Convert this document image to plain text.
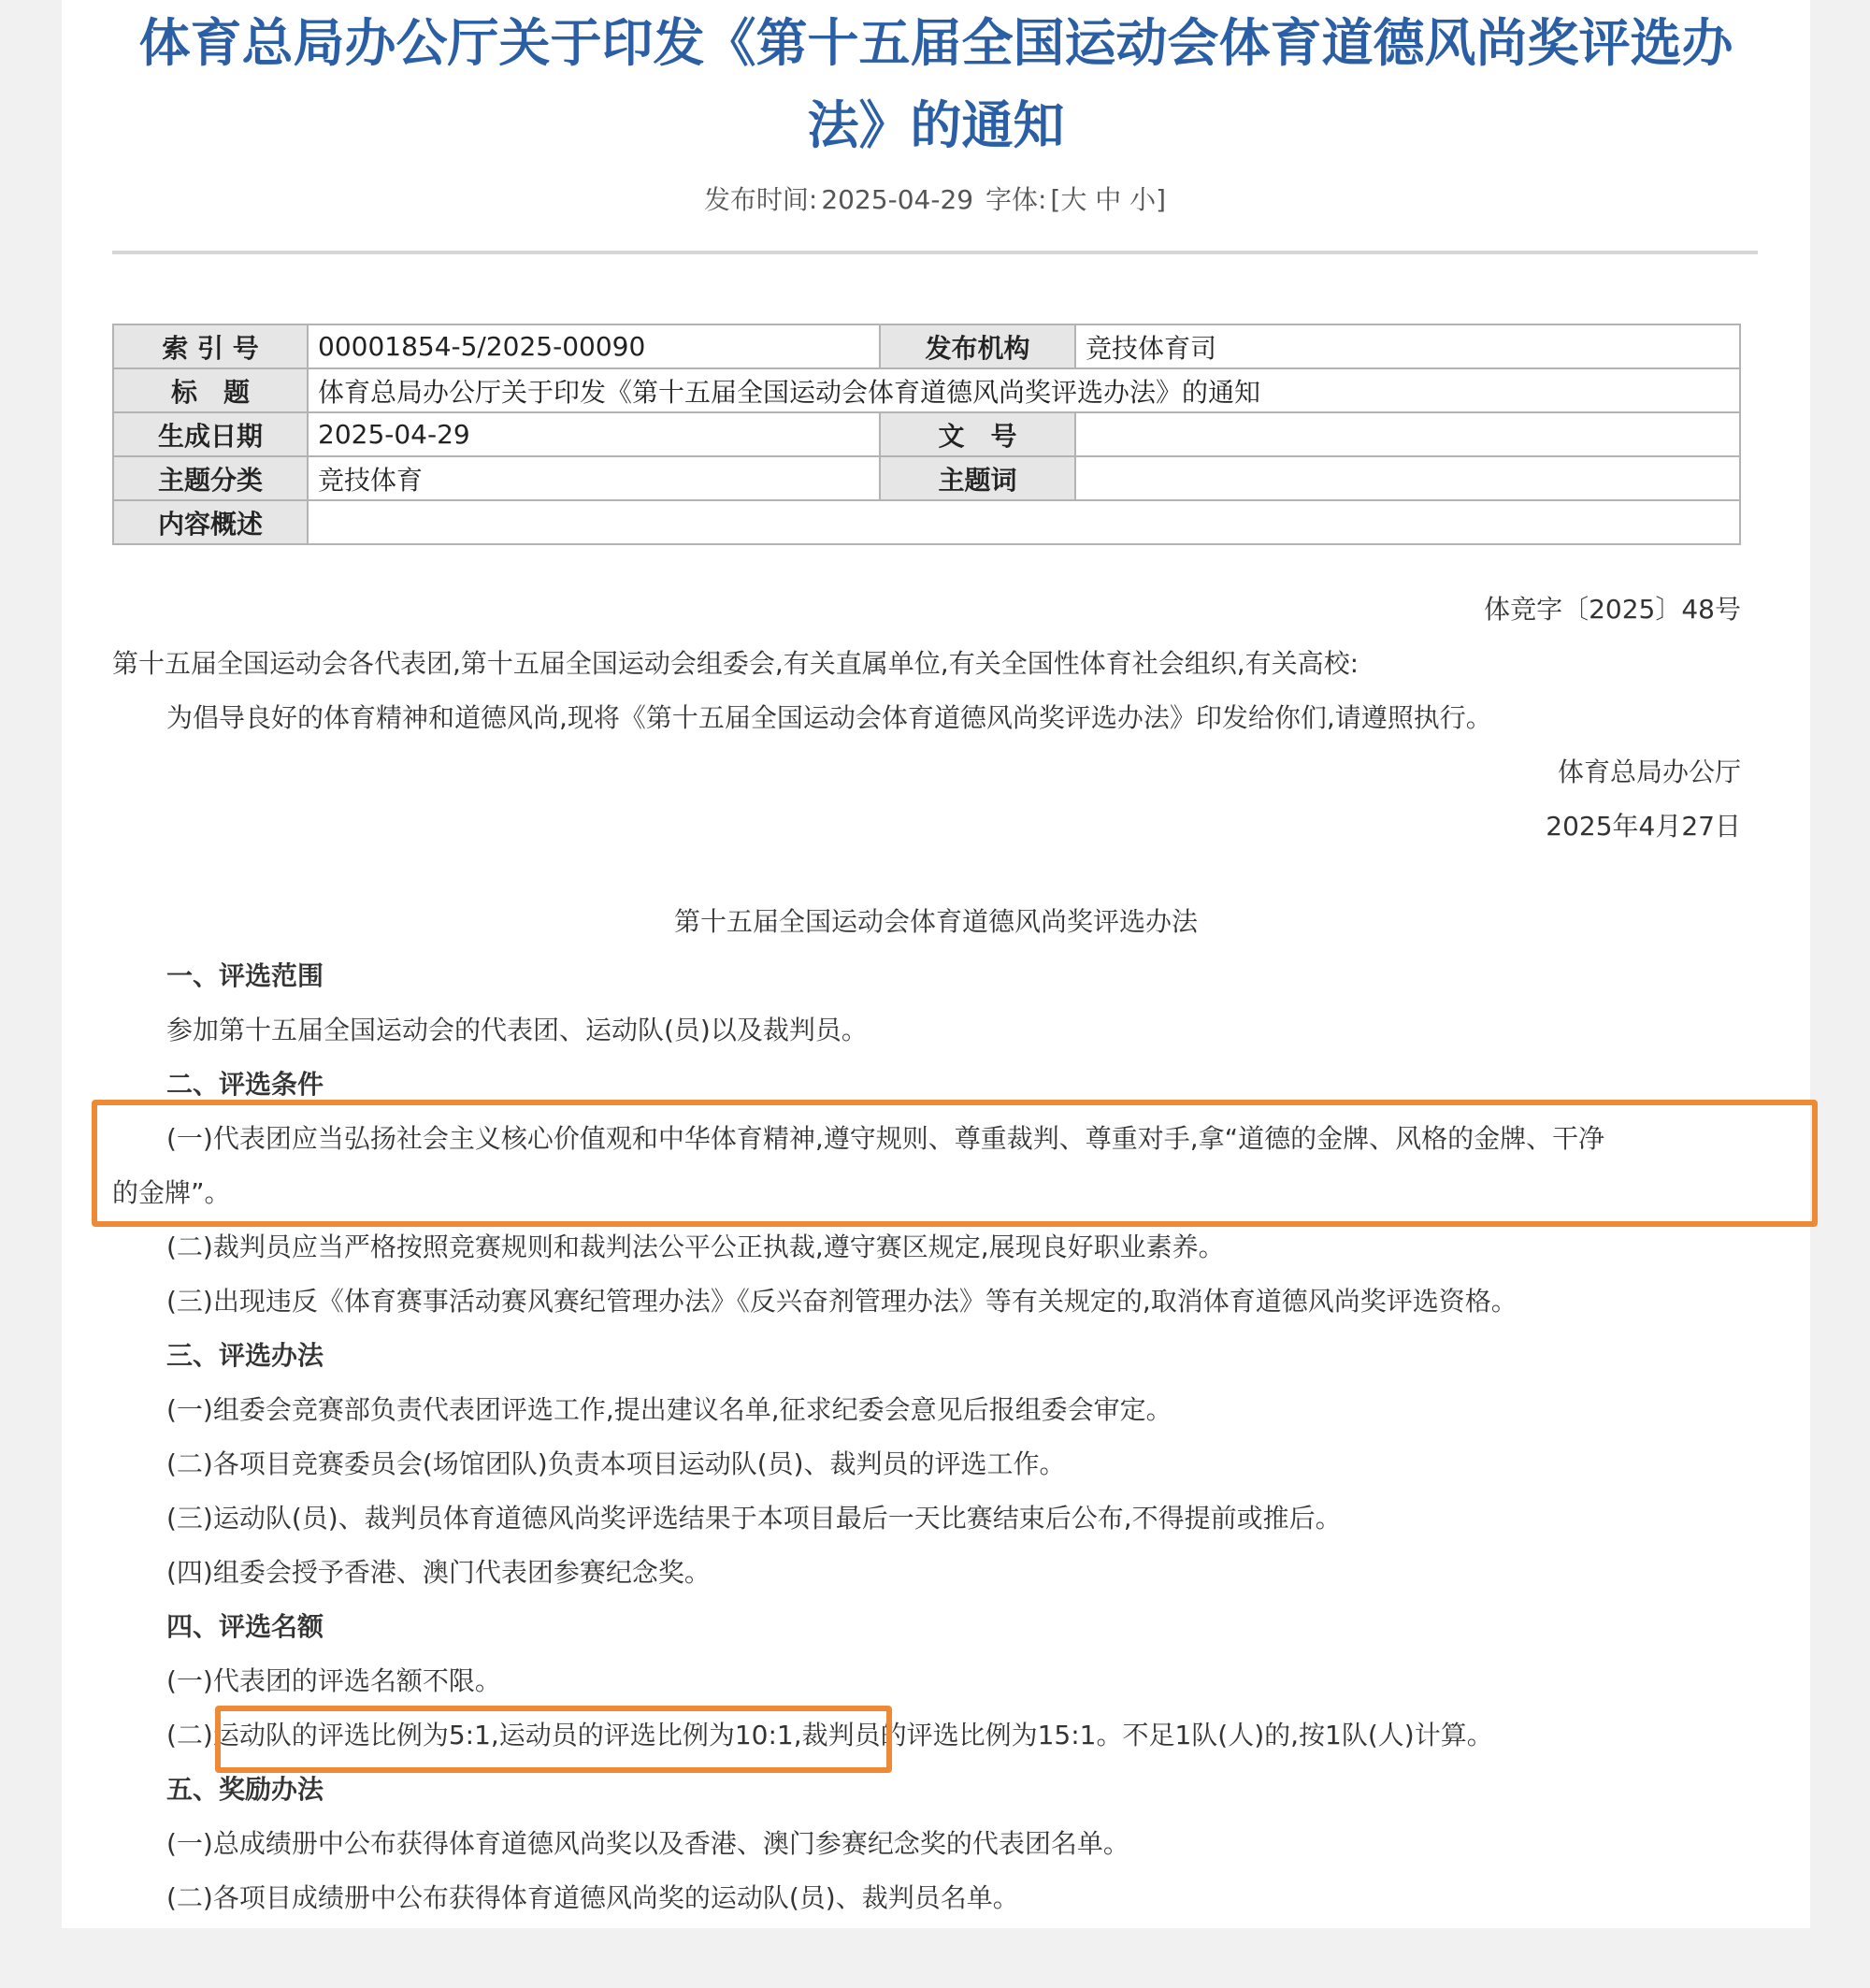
体育总局办公厅关于印发《第十五届全国运动会体育道德风尚奖评选办
法》的通知
发布时间: 2025-04-29 字体: [大 中 小]
索 引 号	00001854-5/2025-00090	发布机构	竞技体育司
标　题	体育总局办公厅关于印发《第十五届全国运动会体育道德风尚奖评选办法》的通知		
生成日期	2025-04-29	文　号	
主题分类	竞技体育	主题词	
内容概述			
体竞字〔2025〕48号
第十五届全国运动会各代表团,第十五届全国运动会组委会,有关直属单位,有关全国性体育社会组织,有关高校:
为倡导良好的体育精神和道德风尚,现将《第十五届全国运动会体育道德风尚奖评选办法》印发给你们,请遵照执行。
体育总局办公厅
2025年4月27日
第十五届全国运动会体育道德风尚奖评选办法
一、评选范围
参加第十五届全国运动会的代表团、运动队(员)以及裁判员。
二、评选条件
(一)代表团应当弘扬社会主义核心价值观和中华体育精神,遵守规则、尊重裁判、尊重对手,拿“道德的金牌、风格的金牌、干净
的金牌”。
(二)裁判员应当严格按照竞赛规则和裁判法公平公正执裁,遵守赛区规定,展现良好职业素养。
(三)出现违反《体育赛事活动赛风赛纪管理办法》《反兴奋剂管理办法》等有关规定的,取消体育道德风尚奖评选资格。
三、评选办法
(一)组委会竞赛部负责代表团评选工作,提出建议名单,征求纪委会意见后报组委会审定。
(二)各项目竞赛委员会(场馆团队)负责本项目运动队(员)、裁判员的评选工作。
(三)运动队(员)、裁判员体育道德风尚奖评选结果于本项目最后一天比赛结束后公布,不得提前或推后。
(四)组委会授予香港、澳门代表团参赛纪念奖。
四、评选名额
(一)代表团的评选名额不限。
(二)运动队的评选比例为5:1,运动员的评选比例为10:1,裁判员的评选比例为15:1。不足1队(人)的,按1队(人)计算。
五、奖励办法
(一)总成绩册中公布获得体育道德风尚奖以及香港、澳门参赛纪念奖的代表团名单。
(二)各项目成绩册中公布获得体育道德风尚奖的运动队(员)、裁判员名单。
